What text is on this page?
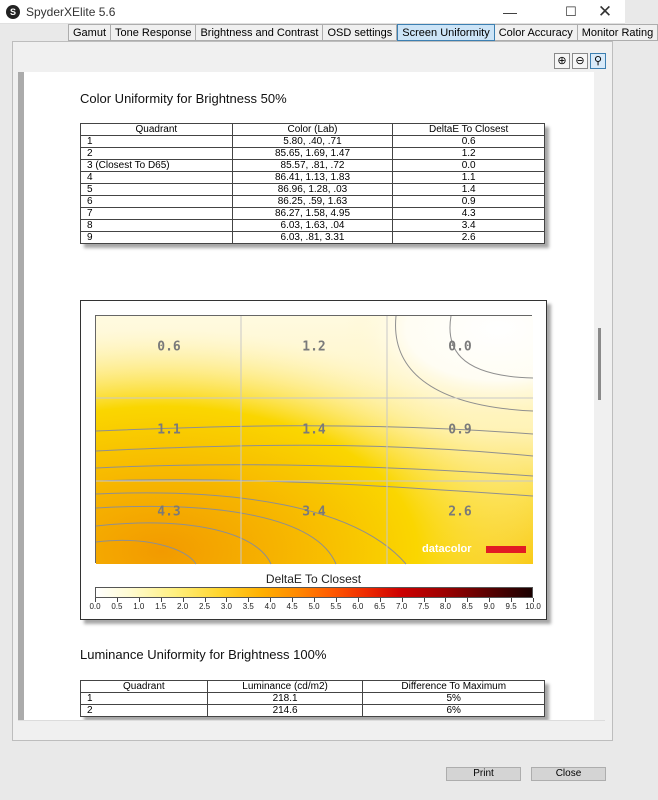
S SpyderXElite 5.6	—	☐	✕
Gamut Tone Response Brightness and Contrast OSD settings Screen Uniformity Color Accuracy Monitor Rating
⊕ ⊖ ⚲
Color Uniformity for Brightness 50%
Quadrant	Color (Lab)	DeltaE To Closest
1	5.80, .40, .71	0.6
2	85.65, 1.69, 1.47	1.2
3 (Closest To D65)	85.57, .81, .72	0.0
4	86.41, 1.13, 1.83	1.1
5	86.96, 1.28, .03	1.4
6	86.25, .59, 1.63	0.9
7	86.27, 1.58, 4.95	4.3
8	6.03, 1.63, .04	3.4
9	6.03, .81, 3.31	2.6
0.6	1.2	0.0
1.1	1.4	0.9
4.3	3.4	2.6
datacolor
DeltaE To Closest
0.0 0.5 1.0 1.5 2.0 2.5 3.0 3.5 4.0 4.5 5.0 5.5 6.0 6.5 7.0 7.5 8.0 8.5 9.0 9.5 10.0
Luminance Uniformity for Brightness 100%
Quadrant	Luminance (cd/m2)	Difference To Maximum
1	218.1	5%
2	214.6	6%
Print	Close
